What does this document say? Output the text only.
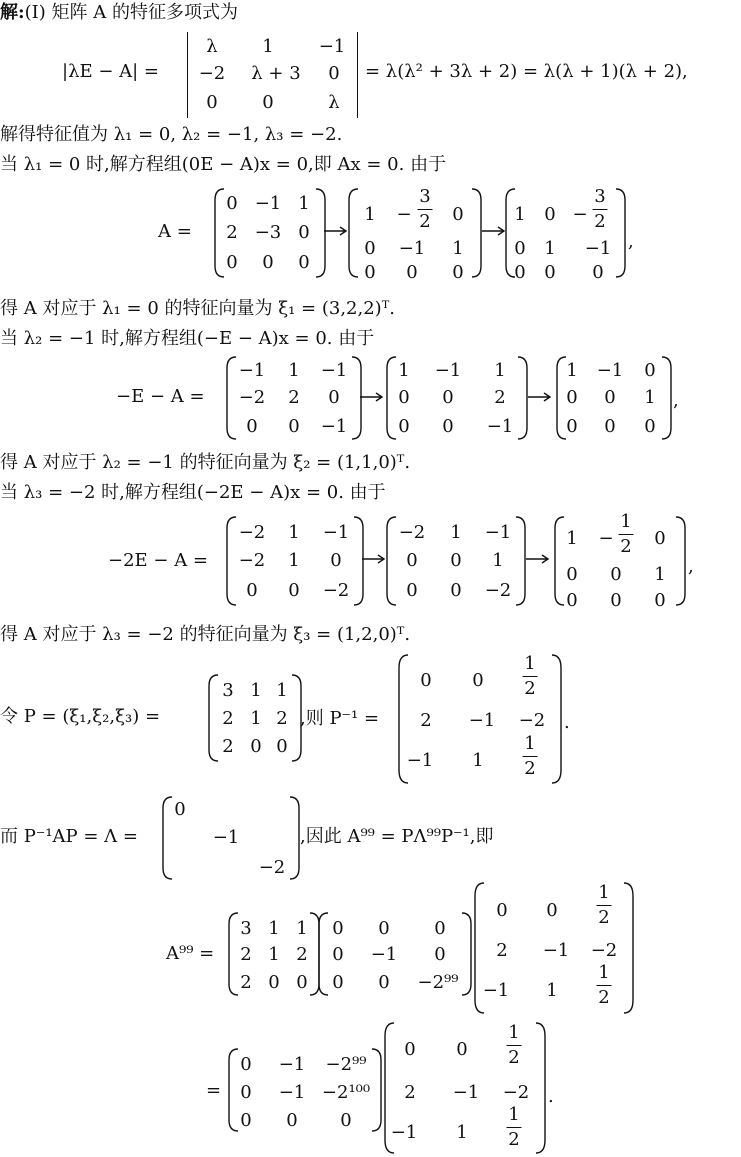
解:(Ⅰ) 矩阵 A 的特征多项式为
|λE − A| =
λ 1	−1
−2 λ + 3 0
0 0	λ
= λ(λ² + 3λ + 2) = λ(λ + 1)(λ + 2),
解得特征值为 λ₁ = 0, λ₂ = −1, λ₃ = −2.
当 λ₁ = 0 时,解方程组(0E − A)x = 0,即 Ax = 0. 由于
A =
0 −1 1
2 −3 0
0 0 0
1 −
3
2 0
0 −1 1
0 0 0
1 0 −
3
2
0 1 −1
0 0 0
,
得 A 对应于 λ₁ = 0 的特征向量为 ξ₁ = (3,2,2)ᵀ.
当 λ₂ = −1 时,解方程组(−E − A)x = 0. 由于
−E − A =
−1 1 −1
−2 2 0
0 0 −1
1 −1 1
0 0 2
0 0 −1
1 −1 0
0 0 1
0 0 0
,
得 A 对应于 λ₂ = −1 的特征向量为 ξ₂ = (1,1,0)ᵀ.
当 λ₃ = −2 时,解方程组(−2E − A)x = 0. 由于
−2E − A =
−2 1 −1
−2 1 0
0 0 −2
−2 1 −1
0 0 1
0 0 −2
1 −
1
2 0
0 0 1
0 0 0
,
得 A 对应于 λ₃ = −2 的特征向量为 ξ₃ = (1,2,0)ᵀ.
令 P = (ξ₁,ξ₂,ξ₃) =
3 1 1
2 1 2
2 0 0
,则 P⁻¹ =
0 0
1
2
2 −1 −2
−1 1
1
2
.
而 P⁻¹AP = Λ =
0
−1
−2
,因此 A⁹⁹ = PΛ⁹⁹P⁻¹,即
A⁹⁹ =
3 1 1
2 1 2
2 0 0
0 0 0
0 −1 0
0 0 −2⁹⁹
0 0
1
2
2 −1 −2
−1 1
1
2
=
0 −1 −2⁹⁹
0 −1 −2¹⁰⁰
0 0 0
0 0
1
2
2 −1 −2
−1 1
1
2
.
